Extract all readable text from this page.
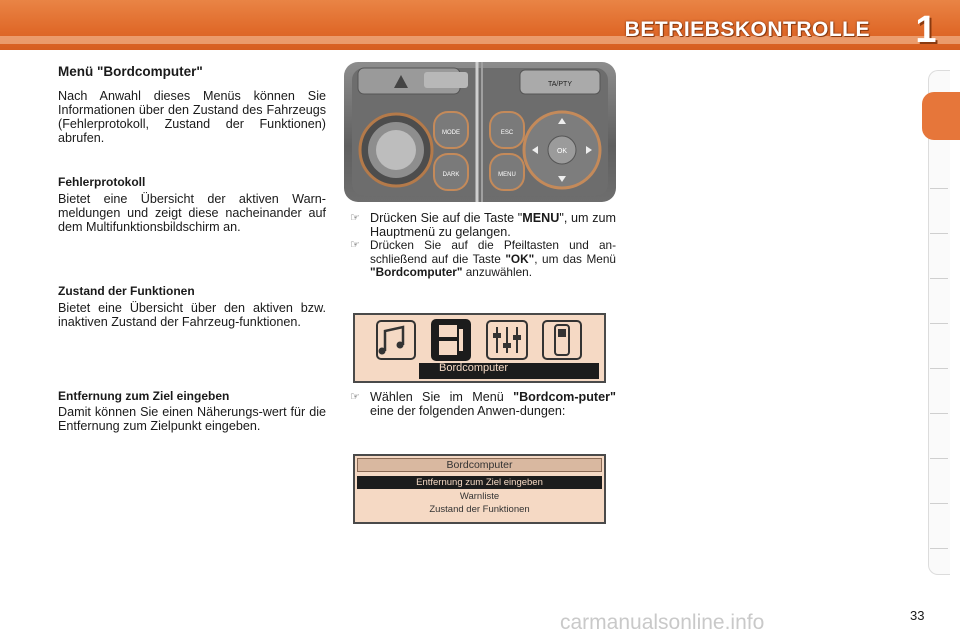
BETRIEBSKONTROLLE	1
Menü "Bordcomputer"
Nach Anwahl dieses Menüs können Sie Informationen über den Zustand des Fahrzeugs (Fehlerprotokoll, Zustand der Funktionen) abrufen.
Fehlerprotokoll
Bietet eine Übersicht der aktiven Warn-meldungen und zeigt diese nacheinander auf dem Multifunktionsbildschirm an.
Zustand der Funktionen
Bietet eine Übersicht über den aktiven bzw. inaktiven Zustand der Fahrzeug-funktionen.
Entfernung zum Ziel eingeben
Damit können Sie einen Näherungs-wert für die Entfernung zum Zielpunkt eingeben.
TA/PTY
MODE
DARK
ESC
MENU
OK
☞ Drücken Sie auf die Taste "MENU", um zum Hauptmenü zu gelangen.
☞ Drücken Sie auf die Pfeiltasten und an-schließend auf die Taste "OK", um das Menü "Bordcomputer" anzuwählen.
Bordcomputer
☞ Wählen Sie im Menü "Bordcom-puter" eine der folgenden Anwen-dungen:
Bordcomputer
Entfernung zum Ziel eingeben
Warnliste
Zustand der Funktionen
carmanualsonline.info	33
